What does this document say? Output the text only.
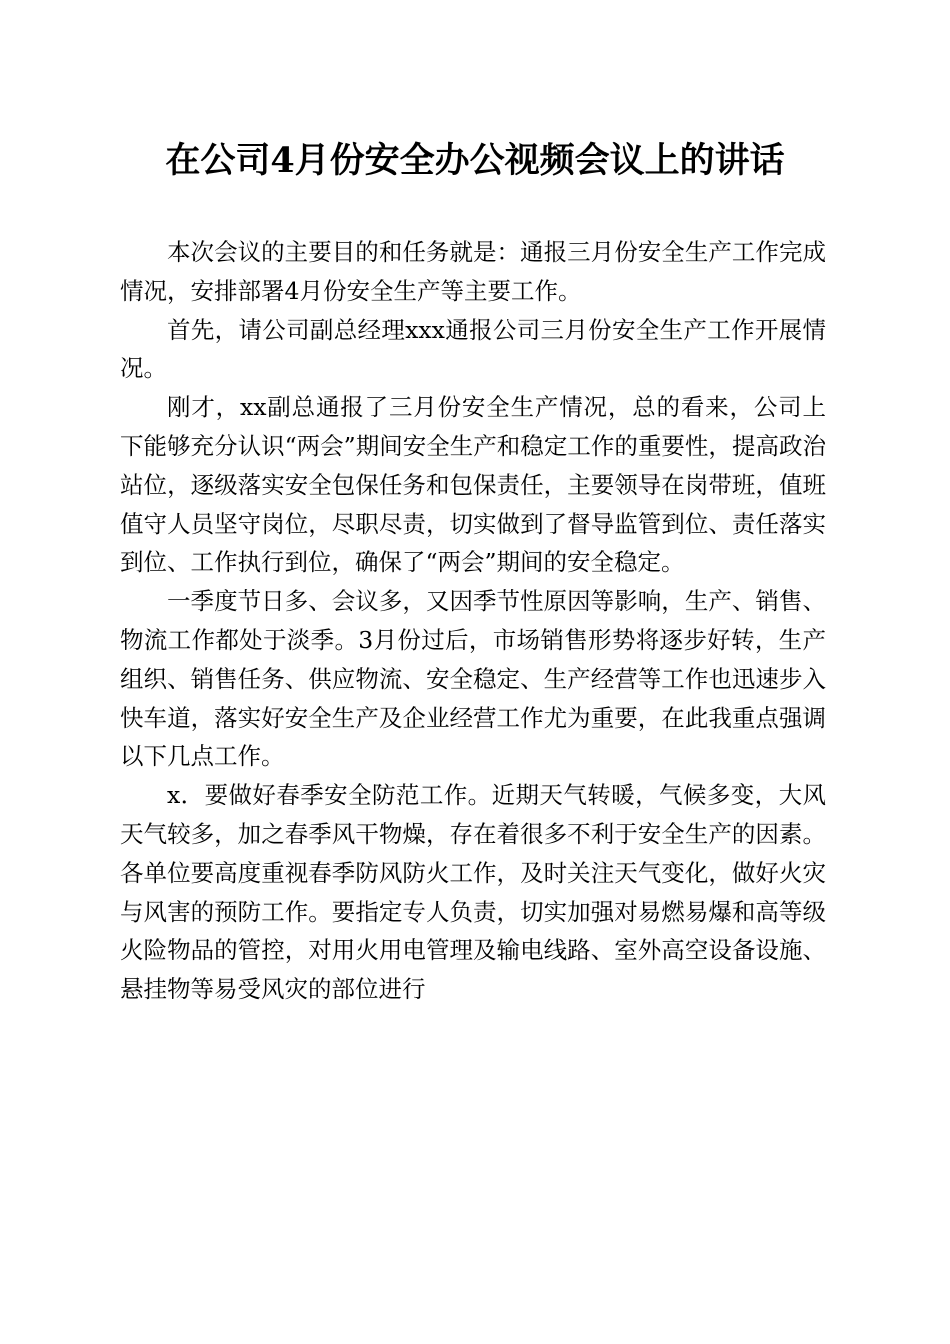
在公司4月份安全办公视频会议上的讲话

本次会议的主要目的和任务就是：通报三月份安全生产工作完成情况，安排部署4月份安全生产等主要工作。

首先，请公司副总经理xxx通报公司三月份安全生产工作开展情况。

刚才，xx副总通报了三月份安全生产情况，总的看来，公司上下能够充分认识“两会”期间安全生产和稳定工作的重要性，提高政治站位，逐级落实安全包保任务和包保责任，主要领导在岗带班，值班值守人员坚守岗位，尽职尽责，切实做到了督导监管到位、责任落实到位、工作执行到位，确保了“两会”期间的安全稳定。

一季度节日多、会议多，又因季节性原因等影响，生产、销售、物流工作都处于淡季。3月份过后，市场销售形势将逐步好转，生产组织、销售任务、供应物流、安全稳定、生产经营等工作也迅速步入快车道，落实好安全生产及企业经营工作尤为重要，在此我重点强调以下几点工作。

x．要做好春季安全防范工作。近期天气转暖，气候多变，大风天气较多，加之春季风干物燥，存在着很多不利于安全生产的因素。各单位要高度重视春季防风防火工作，及时关注天气变化，做好火灾与风害的预防工作。要指定专人负责，切实加强对易燃易爆和高等级火险物品的管控，对用火用电管理及输电线路、室外高空设备设施、悬挂物等易受风灾的部位进行
